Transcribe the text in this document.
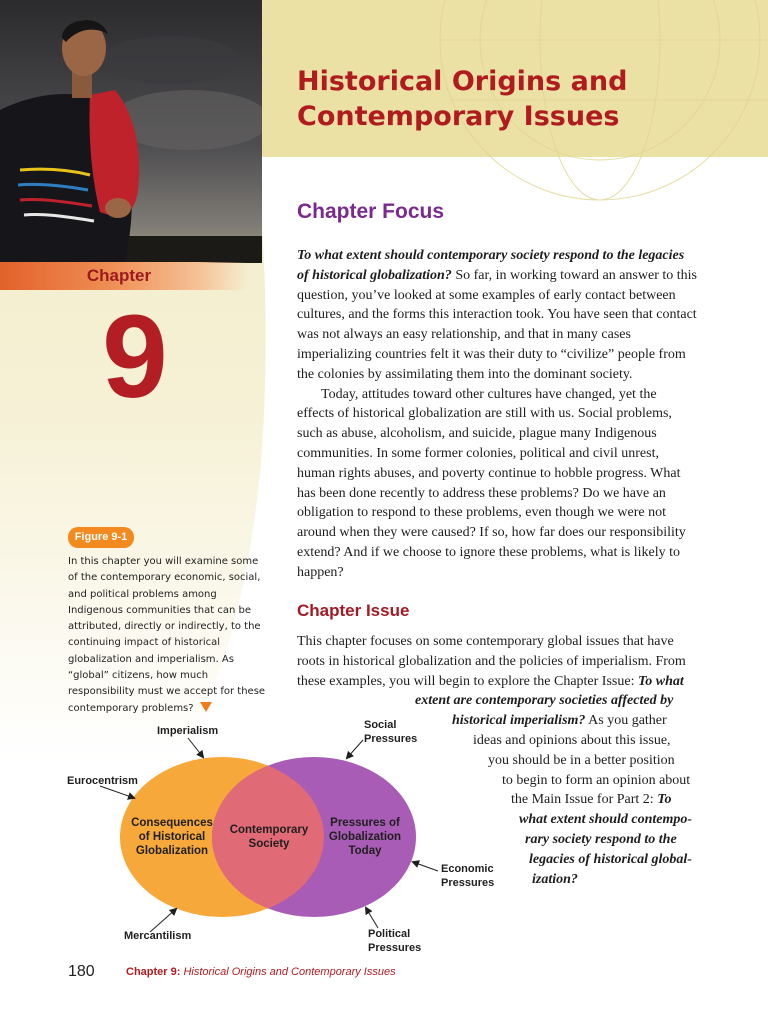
Chapter
9
Historical Origins and Contemporary Issues
Chapter Focus

To what extent should contemporary society respond to the legacies of historical globalization? So far, in working toward an answer to this question, you’ve looked at some examples of early contact between cultures, and the forms this interaction took. You have seen that contact was not always an easy relationship, and that in many cases imperializing countries felt it was their duty to “civilize” people from the colonies by assimilating them into the dominant society.

Today, attitudes toward other cultures have changed, yet the effects of historical globalization are still with us. Social problems, such as abuse, alcoholism, and suicide, plague many Indigenous communities. In some former colonies, political and civil unrest, human rights abuses, and poverty continue to hobble progress. What has been done recently to address these problems? Do we have an obligation to respond to these problems, even though we were not around when they were caused? If so, how far does our responsibility extend? And if we choose to ignore these problems, what is likely to happen?

Chapter Issue
This chapter focuses on some contemporary global issues that have
roots in historical globalization and the policies of imperialism. From
these examples, you will begin to explore the Chapter Issue: To what
extent are contemporary societies affected by
historical imperialism? As you gather
ideas and opinions about this issue,
you should be in a better position
to begin to form an opinion about
the Main Issue for Part 2: To
what extent should contempo-
rary society respond to the
legacies of historical global-
ization?
Figure 9-1
In this chapter you will examine some of the contemporary economic, social, and political problems among Indigenous communities that can be attributed, directly or indirectly, to the continuing impact of historical globalization and imperialism. As “global” citizens, how much responsibility must we accept for these contemporary problems?
Consequences of Historical Globalization
Contemporary Society
Pressures of Globalization Today
Imperialism
Eurocentrism
Mercantilism
Social Pressures
Economic Pressures
Political Pressures
180	Chapter 9: Historical Origins and Contemporary Issues
